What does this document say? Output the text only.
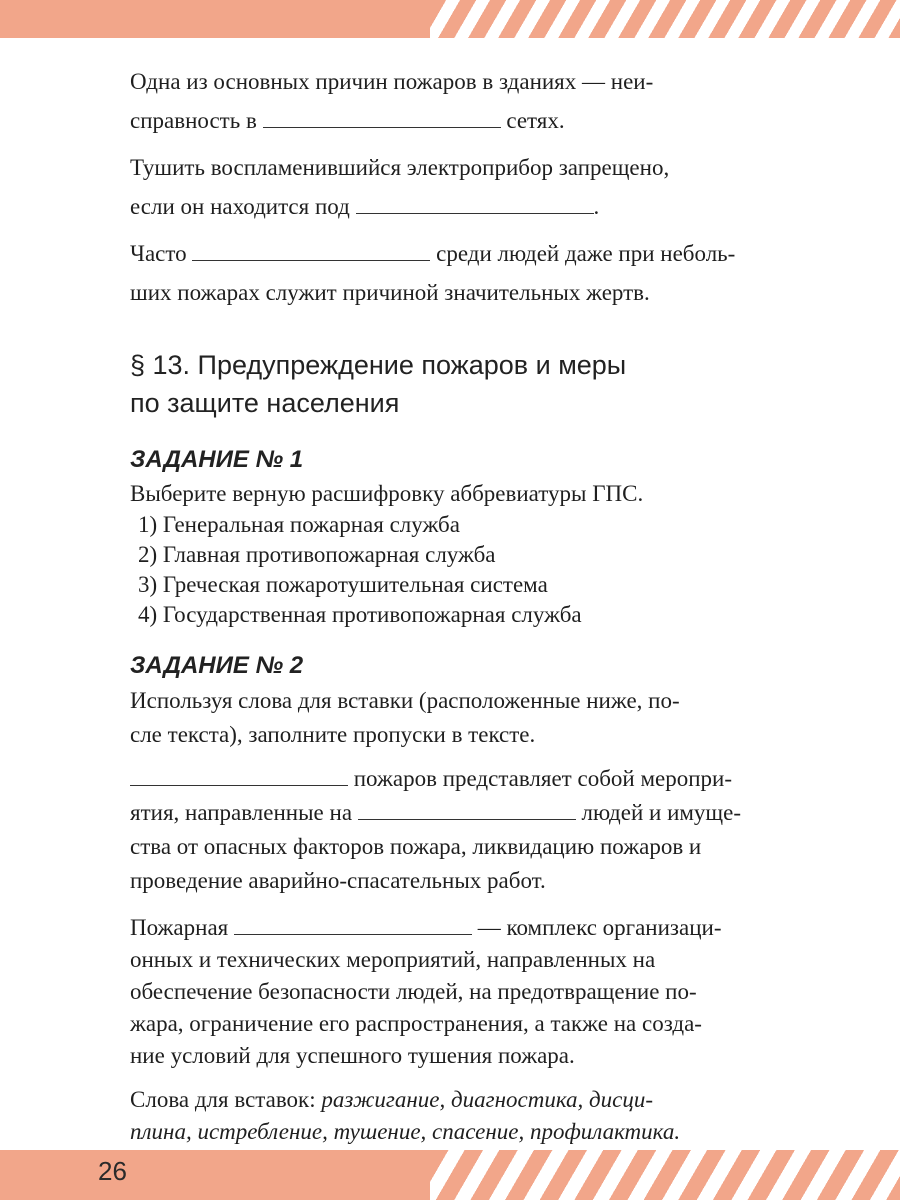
Одна из основных причин пожаров в зданиях — неи-
справность в	сетях.

Тушить воспламенившийся электроприбор запрещено,
если он находится под	.

Часто	среди людей даже при неболь-
ших пожарах служит причиной значительных жертв.

§ 13. Предупреждение пожаров и меры
по защите населения
ЗАДАНИЕ № 1

Выберите верную расшифровку аббревиатуры ГПС.

1) Генеральная пожарная служба

2) Главная противопожарная служба

3) Греческая пожаротушительная система

4) Государственная противопожарная служба

ЗАДАНИЕ № 2

Используя слова для вставки (расположенные ниже, по-
сле текста), заполните пропуски в тексте.

пожаров представляет собой меропри-
ятия, направленные на	людей и имуще-
ства от опасных факторов пожара, ликвидацию пожаров и
проведение аварийно-спасательных работ.

Пожарная	— комплекс организаци-
онных и технических мероприятий, направленных на
обеспечение безопасности людей, на предотвращение по-
жара, ограничение его распространения, а также на созда-
ние условий для успешного тушения пожара.

Слова для вставок: разжигание, диагностика, дисци-
плина, истребление, тушение, спасение, профилактика.

26
